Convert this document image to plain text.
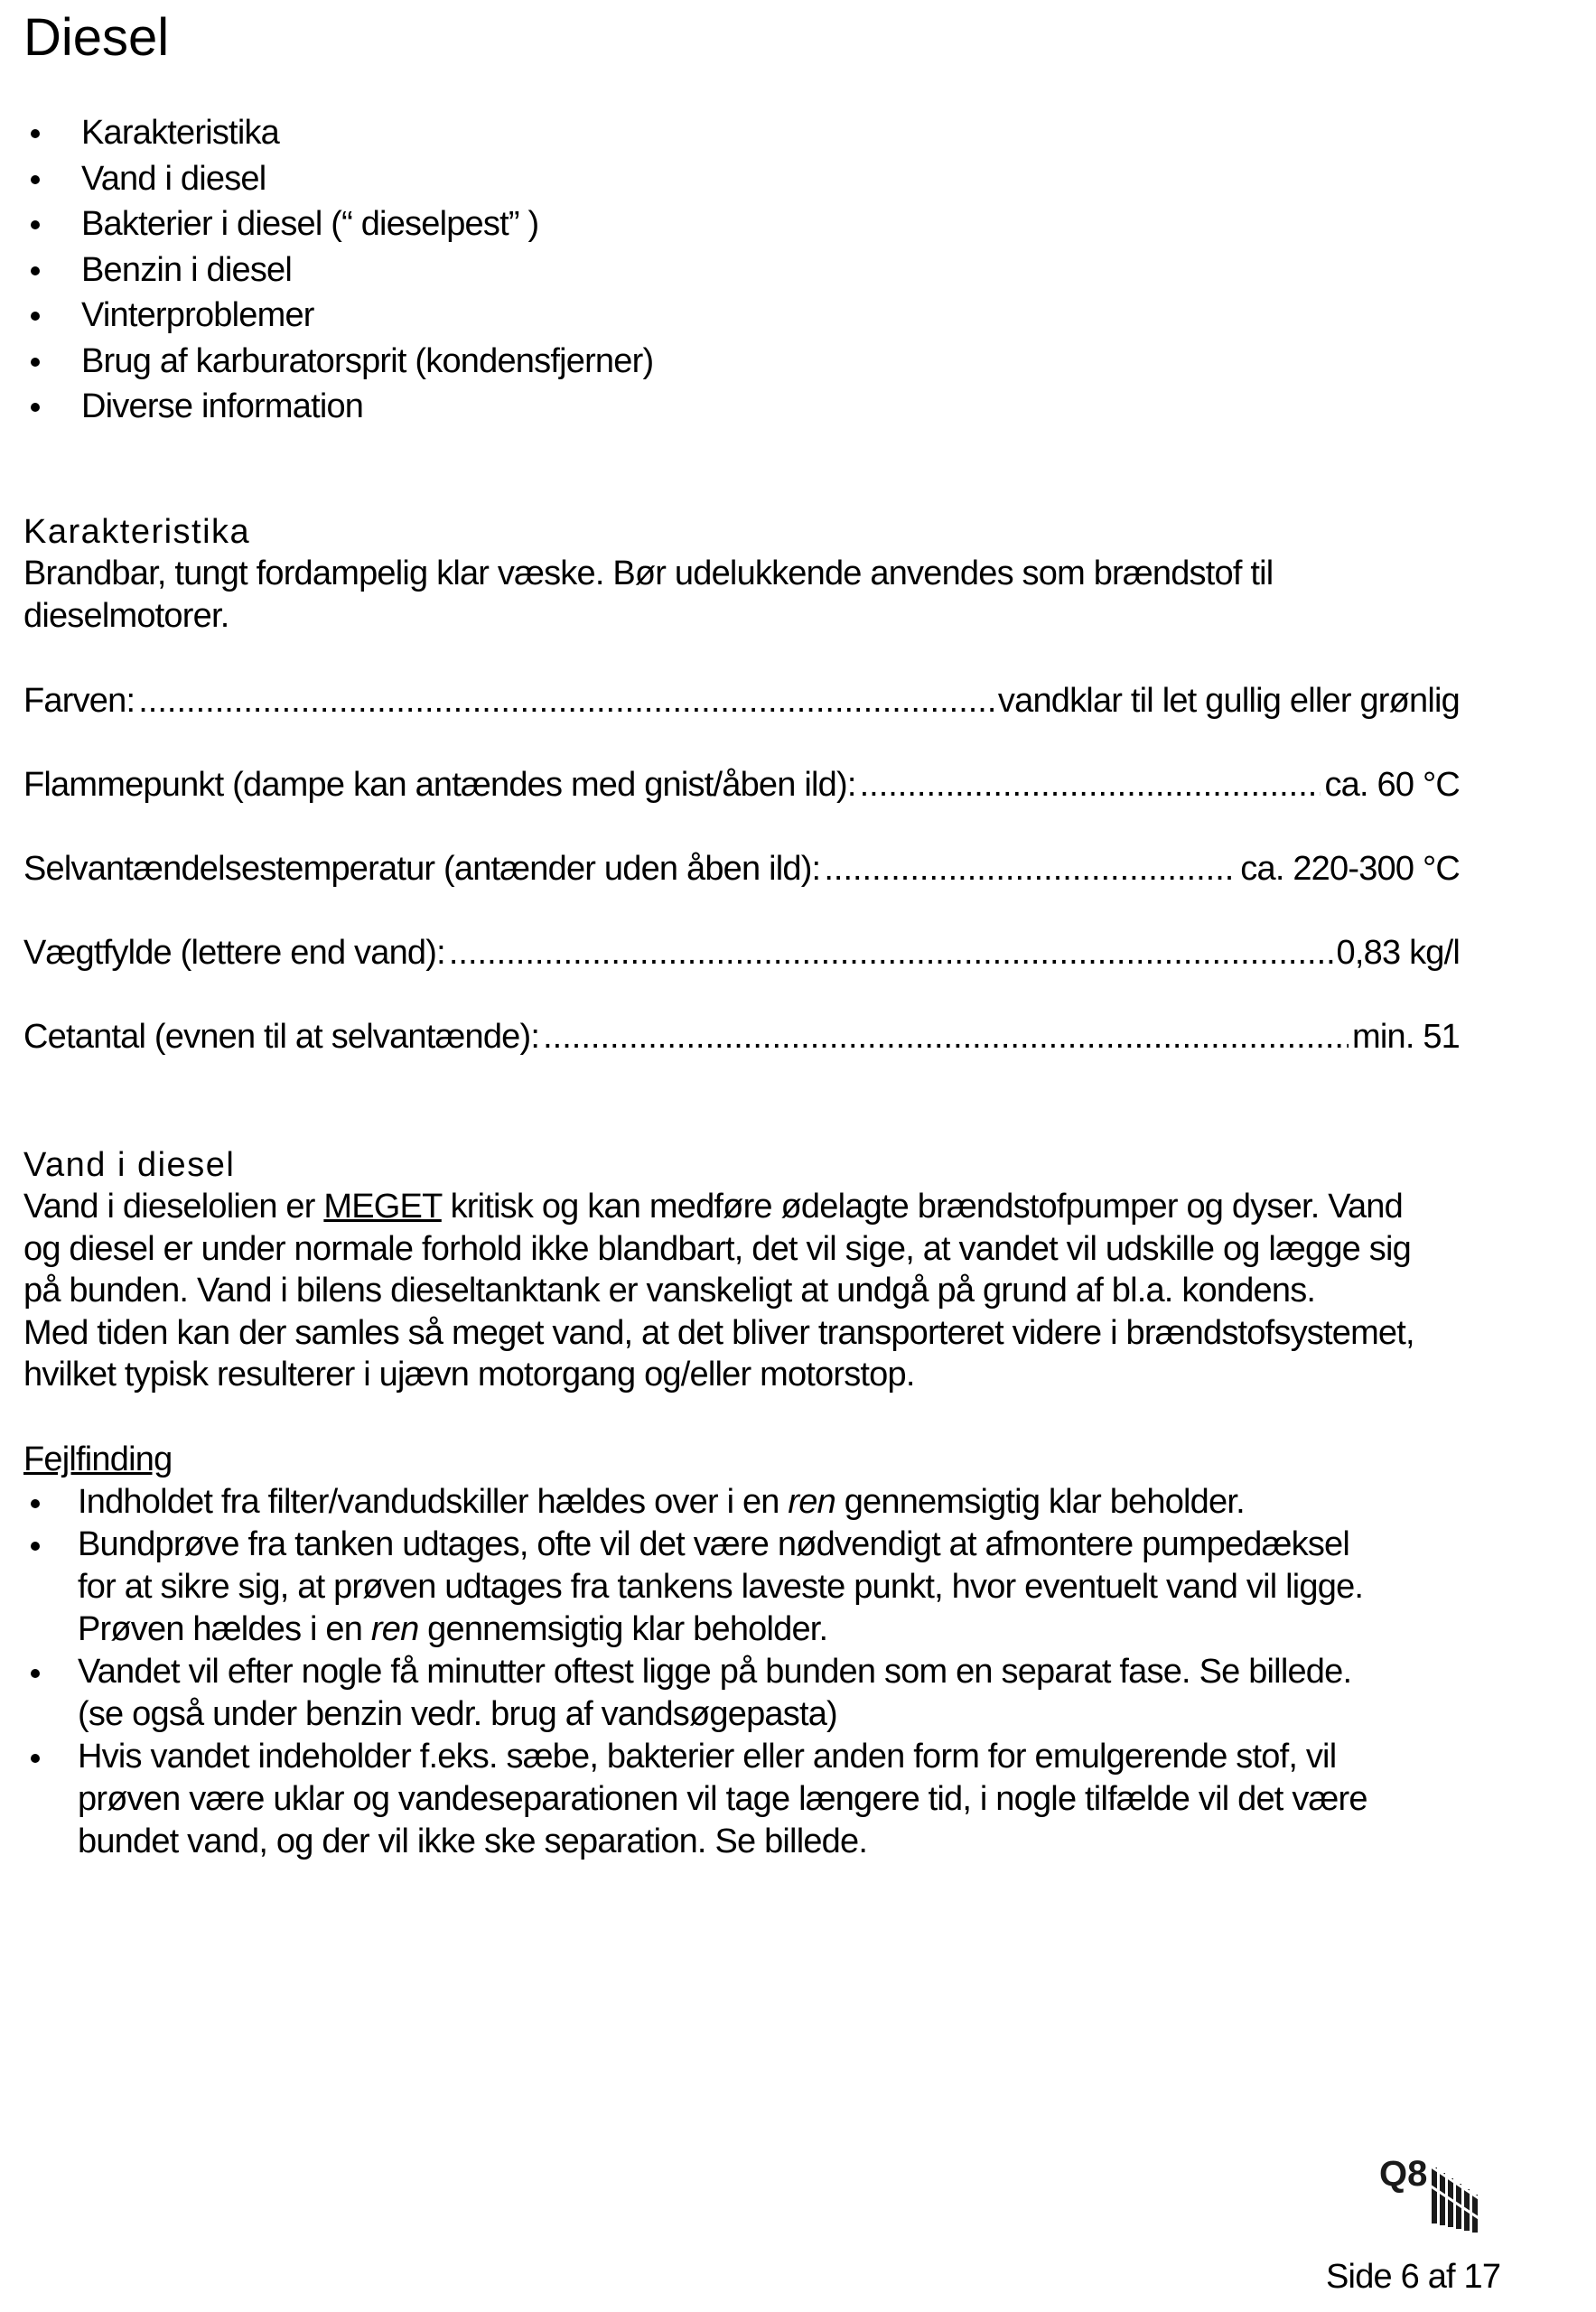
Diesel
Karakteristika
Vand i diesel
Bakterier i diesel (“ dieselpest” )
Benzin i diesel
Vinterproblemer
Brug af karburatorsprit (kondensfjerner)
Diverse information
Karakteristika

Brandbar, tungt fordampelig klar væske. Bør udelukkende anvendes som brændstof til
dieselmotorer.

Farven: .....	vandklar til let gullig eller grønlig
Flammepunkt (dampe kan antændes med gnist/åben ild): .....	ca. 60 °C
Selvantændelsestemperatur (antænder uden åben ild): .....	ca. 220-300 °C
Vægtfylde (lettere end vand): .....	0,83 kg/l
Cetantal (evnen til at selvantænde): .....	min. 51
Vand i diesel

Vand i dieselolien er MEGET kritisk og kan medføre ødelagte brændstofpumper og dyser. Vand
og diesel er under normale forhold ikke blandbart, det vil sige, at vandet vil udskille og lægge sig
på bunden. Vand i bilens dieseltanktank er vanskeligt at undgå på grund af bl.a. kondens.
Med tiden kan der samles så meget vand, at det bliver transporteret videre i brændstofsystemet,
hvilket typisk resulterer i ujævn motorgang og/eller motorstop.

Fejlfinding
Indholdet fra filter/vandudskiller hældes over i en ren gennemsigtig klar beholder.
Bundprøve fra tanken udtages, ofte vil det være nødvendigt at afmontere pumpedæksel
for at sikre sig, at prøven udtages fra tankens laveste punkt, hvor eventuelt vand vil ligge.
Prøven hældes i en ren gennemsigtig klar beholder.
Vandet vil efter nogle få minutter oftest ligge på bunden som en separat fase. Se billede.
(se også under benzin vedr. brug af vandsøgepasta)
Hvis vandet indeholder f.eks. sæbe, bakterier eller anden form for emulgerende stof, vil
prøven være uklar og vandeseparationen vil tage længere tid, i nogle tilfælde vil det være
bundet vand, og der vil ikke ske separation. Se billede.
Q8
Side 6 af 17
